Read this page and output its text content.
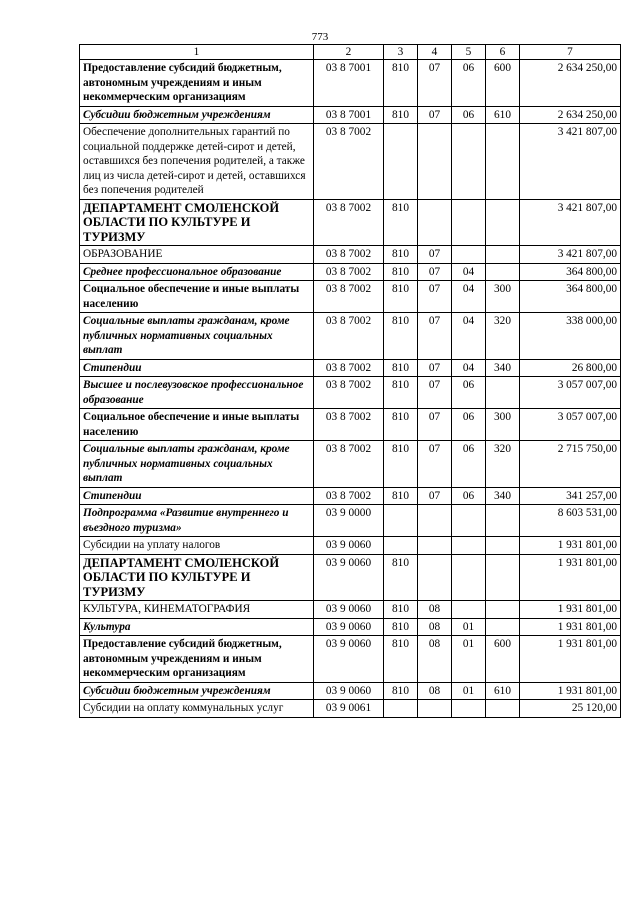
773
1	2	3	4	5	6	7
Предоставление субсидий бюджетным, автономным учреждениям и иным некоммерческим организациям	03 8 7001	810	07	06	600	2 634 250,00
Субсидии бюджетным учреждениям	03 8 7001	810	07	06	610	2 634 250,00
Обеспечение дополнительных гарантий по социальной поддержке детей-сирот и детей, оставшихся без попечения родителей, а также лиц из числа детей-сирот и детей, оставшихся без попечения родителей	03 8 7002					3 421 807,00
ДЕПАРТАМЕНТ СМОЛЕНСКОЙ ОБЛАСТИ ПО КУЛЬТУРЕ И ТУРИЗМУ	03 8 7002	810				3 421 807,00
ОБРАЗОВАНИЕ	03 8 7002	810	07			3 421 807,00
Среднее профессиональное образование	03 8 7002	810	07	04		364 800,00
Социальное обеспечение и иные выплаты населению	03 8 7002	810	07	04	300	364 800,00
Социальные выплаты гражданам, кроме публичных нормативных социальных выплат	03 8 7002	810	07	04	320	338 000,00
Стипендии	03 8 7002	810	07	04	340	26 800,00
Высшее и послевузовское профессиональное образование	03 8 7002	810	07	06		3 057 007,00
Социальное обеспечение и иные выплаты населению	03 8 7002	810	07	06	300	3 057 007,00
Социальные выплаты гражданам, кроме публичных нормативных социальных выплат	03 8 7002	810	07	06	320	2 715 750,00
Стипендии	03 8 7002	810	07	06	340	341 257,00
Подпрограмма «Развитие внутреннего и въездного туризма»	03 9 0000					8 603 531,00
Субсидии на уплату налогов	03 9 0060					1 931 801,00
ДЕПАРТАМЕНТ СМОЛЕНСКОЙ ОБЛАСТИ ПО КУЛЬТУРЕ И ТУРИЗМУ	03 9 0060	810				1 931 801,00
КУЛЬТУРА, КИНЕМАТОГРАФИЯ	03 9 0060	810	08			1 931 801,00
Культура	03 9 0060	810	08	01		1 931 801,00
Предоставление субсидий бюджетным, автономным учреждениям и иным некоммерческим организациям	03 9 0060	810	08	01	600	1 931 801,00
Субсидии бюджетным учреждениям	03 9 0060	810	08	01	610	1 931 801,00
Субсидии на оплату коммунальных услуг	03 9 0061					25 120,00
